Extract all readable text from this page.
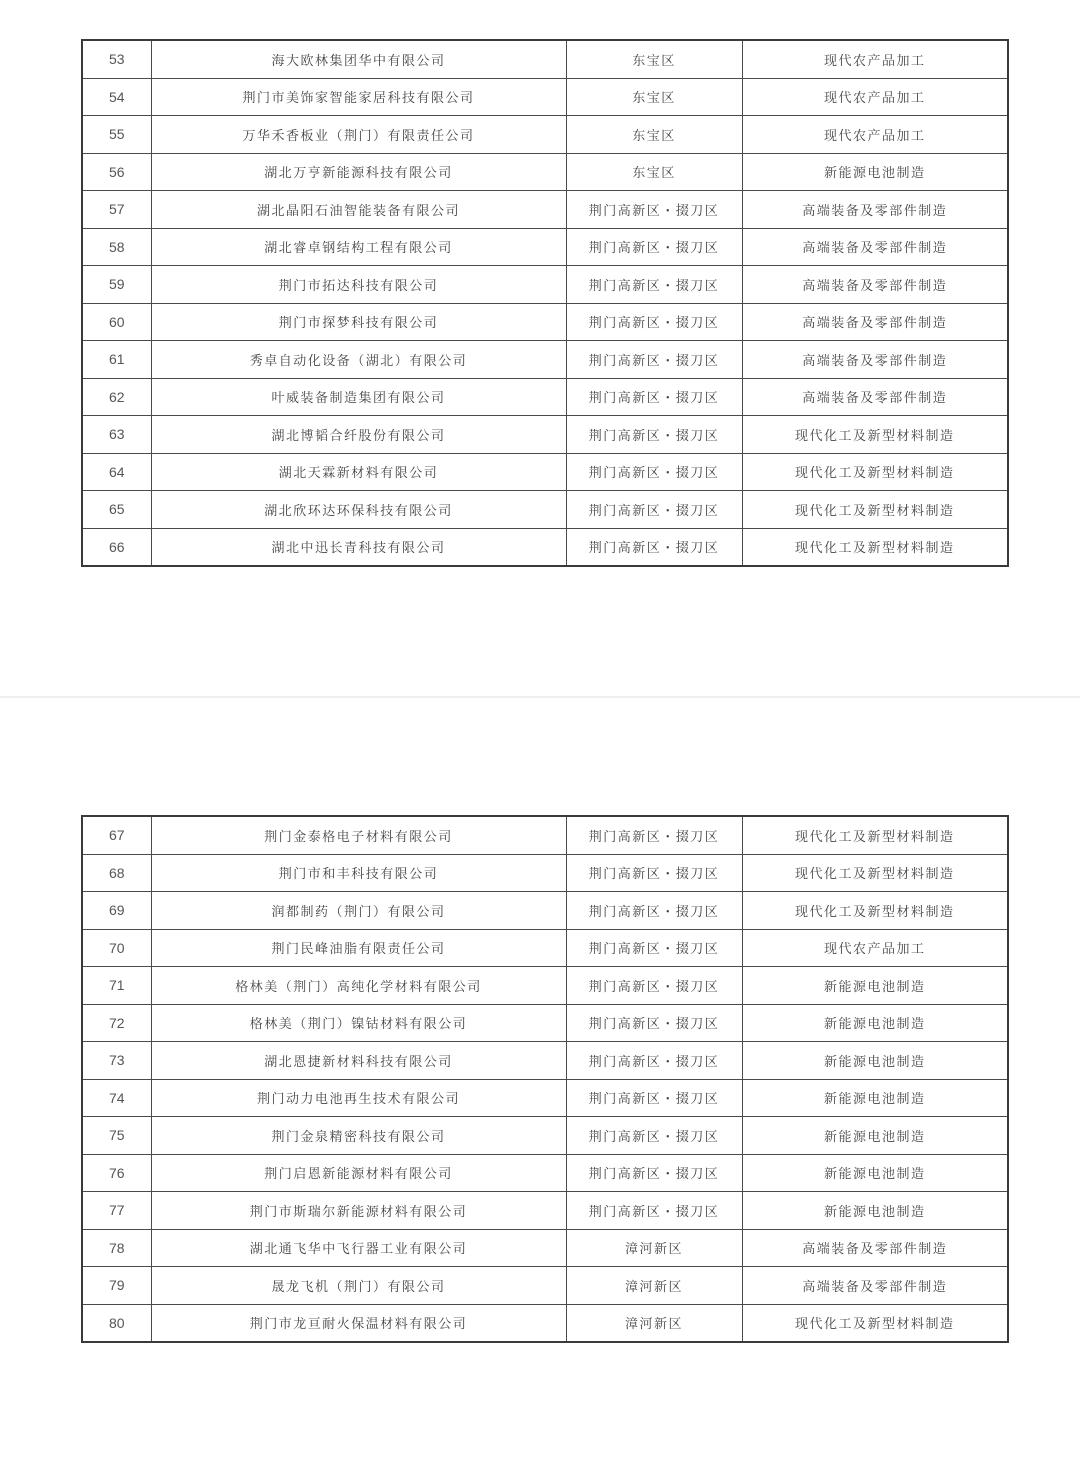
53	海大欧林集团华中有限公司	东宝区	现代农产品加工
54	荆门市美饰家智能家居科技有限公司	东宝区	现代农产品加工
55	万华禾香板业（荆门）有限责任公司	东宝区	现代农产品加工
56	湖北万亨新能源科技有限公司	东宝区	新能源电池制造
57	湖北晶阳石油智能装备有限公司	荆门高新区・掇刀区	高端装备及零部件制造
58	湖北睿卓钢结构工程有限公司	荆门高新区・掇刀区	高端装备及零部件制造
59	荆门市拓达科技有限公司	荆门高新区・掇刀区	高端装备及零部件制造
60	荆门市探梦科技有限公司	荆门高新区・掇刀区	高端装备及零部件制造
61	秀卓自动化设备（湖北）有限公司	荆门高新区・掇刀区	高端装备及零部件制造
62	叶威装备制造集团有限公司	荆门高新区・掇刀区	高端装备及零部件制造
63	湖北博韬合纤股份有限公司	荆门高新区・掇刀区	现代化工及新型材料制造
64	湖北天霖新材料有限公司	荆门高新区・掇刀区	现代化工及新型材料制造
65	湖北欣环达环保科技有限公司	荆门高新区・掇刀区	现代化工及新型材料制造
66	湖北中迅长青科技有限公司	荆门高新区・掇刀区	现代化工及新型材料制造
67	荆门金泰格电子材料有限公司	荆门高新区・掇刀区	现代化工及新型材料制造
68	荆门市和丰科技有限公司	荆门高新区・掇刀区	现代化工及新型材料制造
69	润都制药（荆门）有限公司	荆门高新区・掇刀区	现代化工及新型材料制造
70	荆门民峰油脂有限责任公司	荆门高新区・掇刀区	现代农产品加工
71	格林美（荆门）高纯化学材料有限公司	荆门高新区・掇刀区	新能源电池制造
72	格林美（荆门）镍钴材料有限公司	荆门高新区・掇刀区	新能源电池制造
73	湖北恩捷新材料科技有限公司	荆门高新区・掇刀区	新能源电池制造
74	荆门动力电池再生技术有限公司	荆门高新区・掇刀区	新能源电池制造
75	荆门金泉精密科技有限公司	荆门高新区・掇刀区	新能源电池制造
76	荆门启恩新能源材料有限公司	荆门高新区・掇刀区	新能源电池制造
77	荆门市斯瑞尔新能源材料有限公司	荆门高新区・掇刀区	新能源电池制造
78	湖北通飞华中飞行器工业有限公司	漳河新区	高端装备及零部件制造
79	晟龙飞机（荆门）有限公司	漳河新区	高端装备及零部件制造
80	荆门市龙亘耐火保温材料有限公司	漳河新区	现代化工及新型材料制造
